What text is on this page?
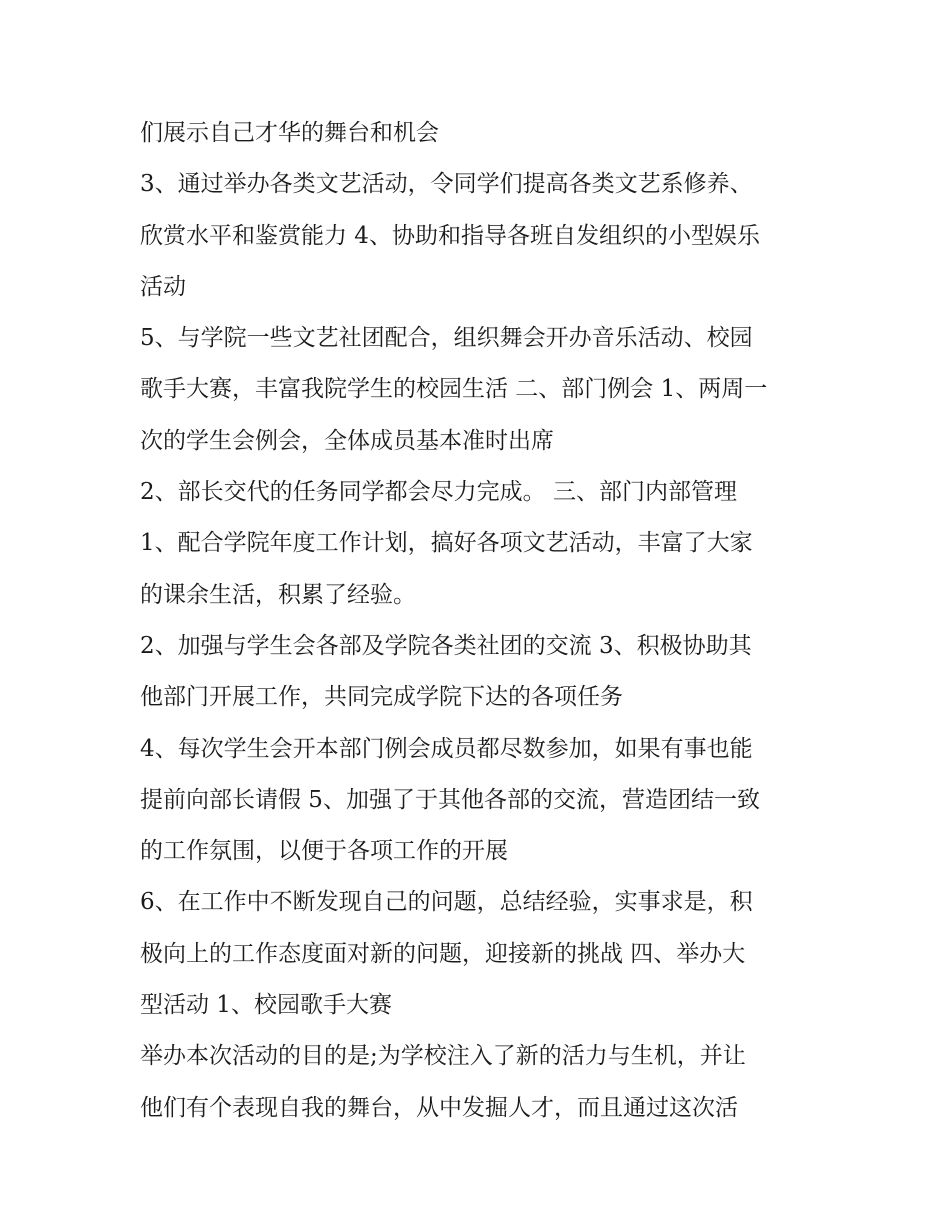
们展示自己才华的舞台和机会
3、通过举办各类文艺活动，令同学们提高各类文艺系修养、
欣赏水平和鉴赏能力 4、协助和指导各班自发组织的小型娱乐
活动
5、与学院一些文艺社团配合，组织舞会开办音乐活动、校园
歌手大赛，丰富我院学生的校园生活 二、部门例会 1、两周一
次的学生会例会，全体成员基本准时出席
2、部长交代的任务同学都会尽力完成。 三、部门内部管理
1、配合学院年度工作计划，搞好各项文艺活动，丰富了大家
的课余生活，积累了经验。
2、加强与学生会各部及学院各类社团的交流 3、积极协助其
他部门开展工作，共同完成学院下达的各项任务
4、每次学生会开本部门例会成员都尽数参加，如果有事也能
提前向部长请假 5、加强了于其他各部的交流，营造团结一致
的工作氛围，以便于各项工作的开展
6、在工作中不断发现自己的问题，总结经验，实事求是，积
极向上的工作态度面对新的问题，迎接新的挑战 四、举办大
型活动 1、校园歌手大赛
举办本次活动的目的是;为学校注入了新的活力与生机，并让
他们有个表现自我的舞台，从中发掘人才，而且通过这次活
